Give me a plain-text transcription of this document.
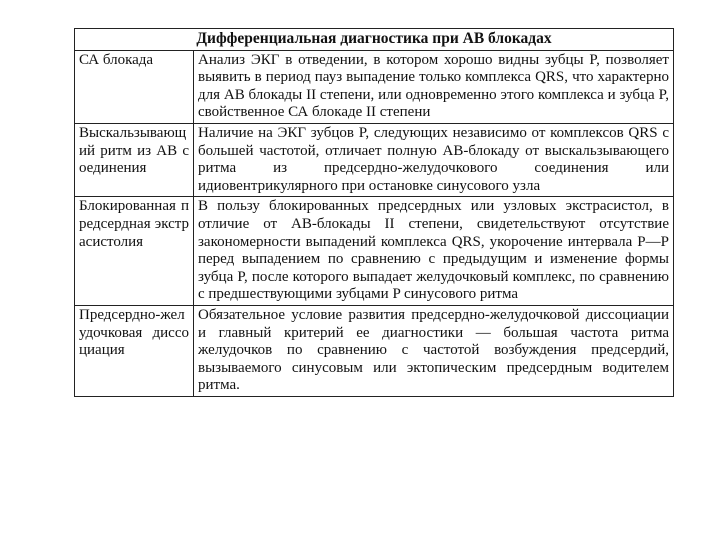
Дифференциальная диагностика при АВ блокадах	
СА блокада	Анализ ЭКГ в отведении, в котором хорошо видны зубцы P, позволяет выявить в период пауз выпадение только комплекса QRS, что характерно для АВ блокады II степени, или одновременно этого комплекса и зубца P, свойственное СА блокаде II степени
Выскальзывающий ритм из АВ соединения	Наличие на ЭКГ зубцов P, следующих независимо от комплексов QRS с большей частотой, отличает полную АВ-блокаду от выскальзывающего ритма из предсердно-желудочкового соединения или идиовентрикулярного при остановке синусового узла
Блокированная предсердная экстрасистолия	В пользу блокированных предсердных или узловых экстрасистол, в отличие от АВ-блокады II степени, свидетельствуют отсутствие закономерности выпадений комплекса QRS, укорочение интервала P—P перед выпадением по сравнению с предыдущим и изменение формы зубца P, после которого выпадает желудочковый комплекс, по сравнению с предшествующими зубцами P синусового ритма
Предсердно-желудочковая диссоциация	Обязательное условие развития предсердно-желудочковой диссоциации и главный критерий ее диагностики — большая частота ритма желудочков по сравнению с частотой возбуждения предсердий, вызываемого синусовым или эктопическим предсердным водителем ритма.
